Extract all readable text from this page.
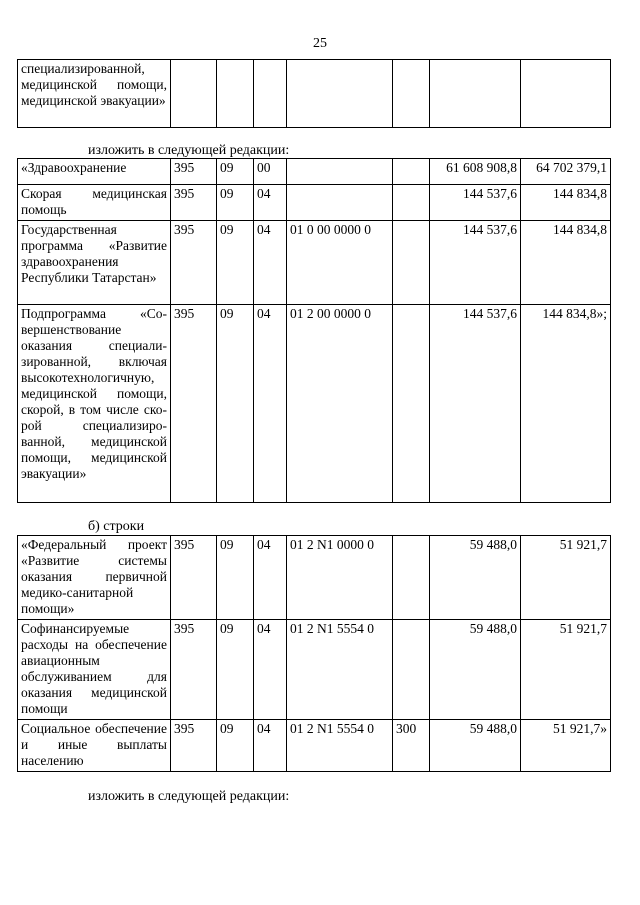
25
специализированной, медицинской помощи, медицинской эвакуации»							
изложить в следующей редакции:
«Здравоохранение	395	09	00			61 608 908,8	64 702 379,1
Скорая медицинская помощь	395	09	04			144 537,6	144 834,8
Государственная программа «Развитие здравоохранения Республики Татарстан»	395	09	04	01 0 00 0000 0		144 537,6	144 834,8
Подпрограмма «Совершенствование оказания специализированной, включая высокотехнологичную, медицинской помощи, скорой, в том числе скорой специализированной, медицинской помощи, медицинской эвакуации»	395	09	04	01 2 00 0000 0		144 537,6	144 834,8»;
б) строки
«Федеральный проект «Развитие системы оказания первичной медико-санитарной помощи»	395	09	04	01 2 N1 0000 0		59 488,0	51 921,7
Софинансируемые расходы на обеспечение авиационным обслуживанием для оказания медицинской помощи	395	09	04	01 2 N1 5554 0		59 488,0	51 921,7
Социальное обеспечение и иные выплаты населению	395	09	04	01 2 N1 5554 0	300	59 488,0	51 921,7»
изложить в следующей редакции:
